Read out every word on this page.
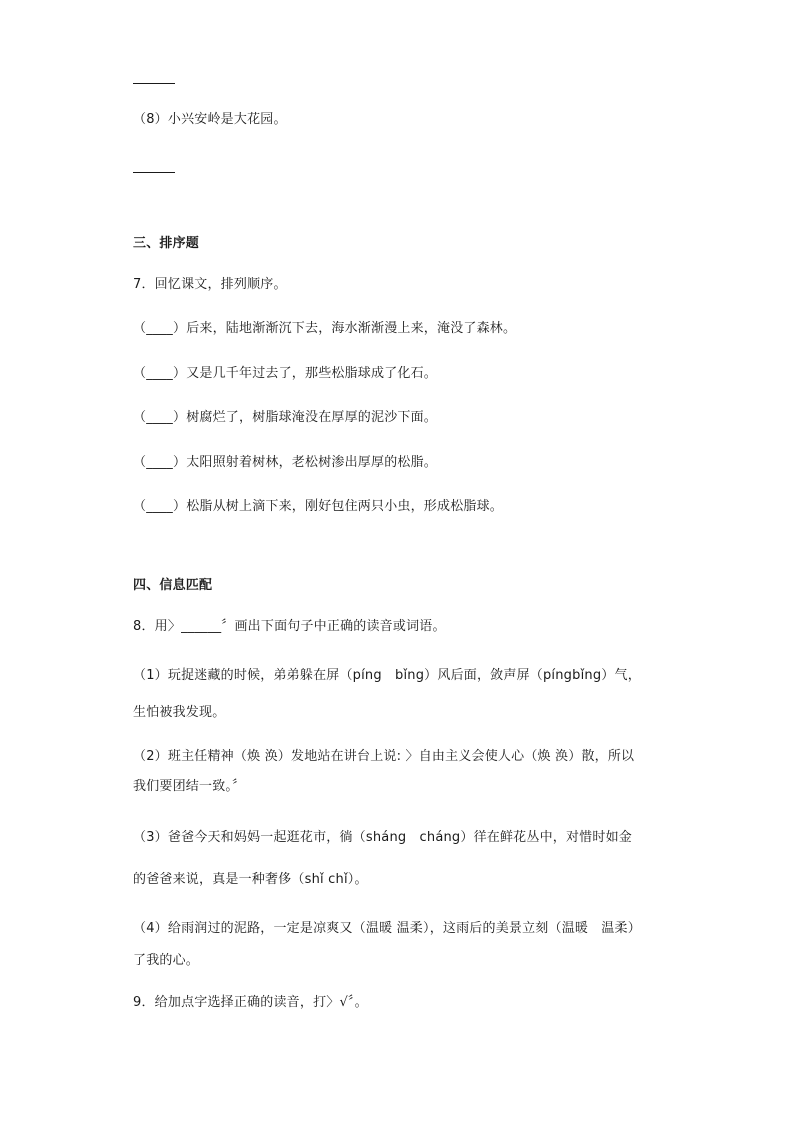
（8）小兴安岭是大花园。
三、排序题
7．回忆课文，排列顺序。
（____）后来，陆地渐渐沉下去，海水渐渐漫上来，淹没了森林。
（____）又是几千年过去了，那些松脂球成了化石。
（____）树腐烂了，树脂球淹没在厚厚的泥沙下面。
（____）太阳照射着树林，老松树渗出厚厚的松脂。
（____）松脂从树上滴下来，刚好包住两只小虫，形成松脂球。
四、信息匹配
8．用〉______〞画出下面句子中正确的读音或词语。
（1）玩捉迷藏的时候，弟弟躲在屏（píng　bǐng）风后面，敛声屏（píngbǐng）气，
生怕被我发现。
（2）班主任精神（焕 涣）发地站在讲台上说: 〉自由主义会使人心（焕 涣）散，所以
我们要团结一致。〞
（3）爸爸今天和妈妈一起逛花市，徜（sháng　cháng）徉在鲜花丛中，对惜时如金
的爸爸来说，真是一种奢侈（shǐ chǐ）。
（4）给雨润过的泥路，一定是凉爽又（温暖 温柔），这雨后的美景立刻（温暖　温柔）
了我的心。
9．给加点字选择正确的读音，打〉√〞。
